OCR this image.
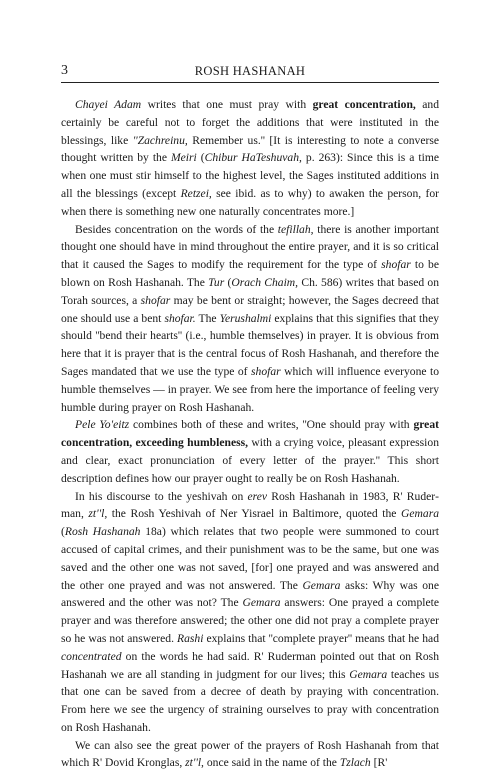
3	ROSH HASHANAH

Chayei Adam writes that one must pray with great concentration, and certainly be careful not to forget the additions that were instituted in the blessings, like ''Zachreinu, Remember us.'' [It is interesting to note a converse thought written by the Meiri (Chibur HaTeshuvah, p. 263): Since this is a time when one must stir himself to the highest level, the Sages instituted additions in all the blessings (except Retzei, see ibid. as to why) to awaken the person, for when there is something new one naturally concentrates more.]

Besides concentration on the words of the tefillah, there is another important thought one should have in mind throughout the entire prayer, and it is so critical that it caused the Sages to modify the requirement for the type of shofar to be blown on Rosh Hashanah. The Tur (Orach Chaim, Ch. 586) writes that based on Torah sources, a shofar may be bent or straight; however, the Sages decreed that one should use a bent shofar. The Yerushalmi explains that this signifies that they should ''bend their hearts'' (i.e., humble themselves) in prayer. It is obvious from here that it is prayer that is the central focus of Rosh Hashanah, and therefore the Sages mandated that we use the type of shofar which will influence everyone to humble themselves — in prayer. We see from here the importance of feeling very humble during prayer on Rosh Hashanah.

Pele Yo'eitz combines both of these and writes, ''One should pray with great concentration, exceeding humbleness, with a crying voice, pleasant expression and clear, exact pronunciation of every letter of the prayer.'' This short description defines how our prayer ought to really be on Rosh Hashanah.

In his discourse to the yeshivah on erev Rosh Hashanah in 1983, R' Ruderman, zt''l, the Rosh Yeshivah of Ner Yisrael in Baltimore, quoted the Gemara (Rosh Hashanah 18a) which relates that two people were summoned to court accused of capital crimes, and their punishment was to be the same, but one was saved and the other one was not saved, [for] one prayed and was answered and the other one prayed and was not answered. The Gemara asks: Why was one answered and the other was not? The Gemara answers: One prayed a complete prayer and was therefore answered; the other one did not pray a complete prayer so he was not answered. Rashi explains that ''complete prayer'' means that he had concentrated on the words he had said. R' Ruderman pointed out that on Rosh Hashanah we are all standing in judgment for our lives; this Gemara teaches us that one can be saved from a decree of death by praying with concentration. From here we see the urgency of straining ourselves to pray with concentration on Rosh Hashanah.

We can also see the great power of the prayers of Rosh Hashanah from that which R' Dovid Kronglas, zt''l, once said in the name of the Tzlach [R'
